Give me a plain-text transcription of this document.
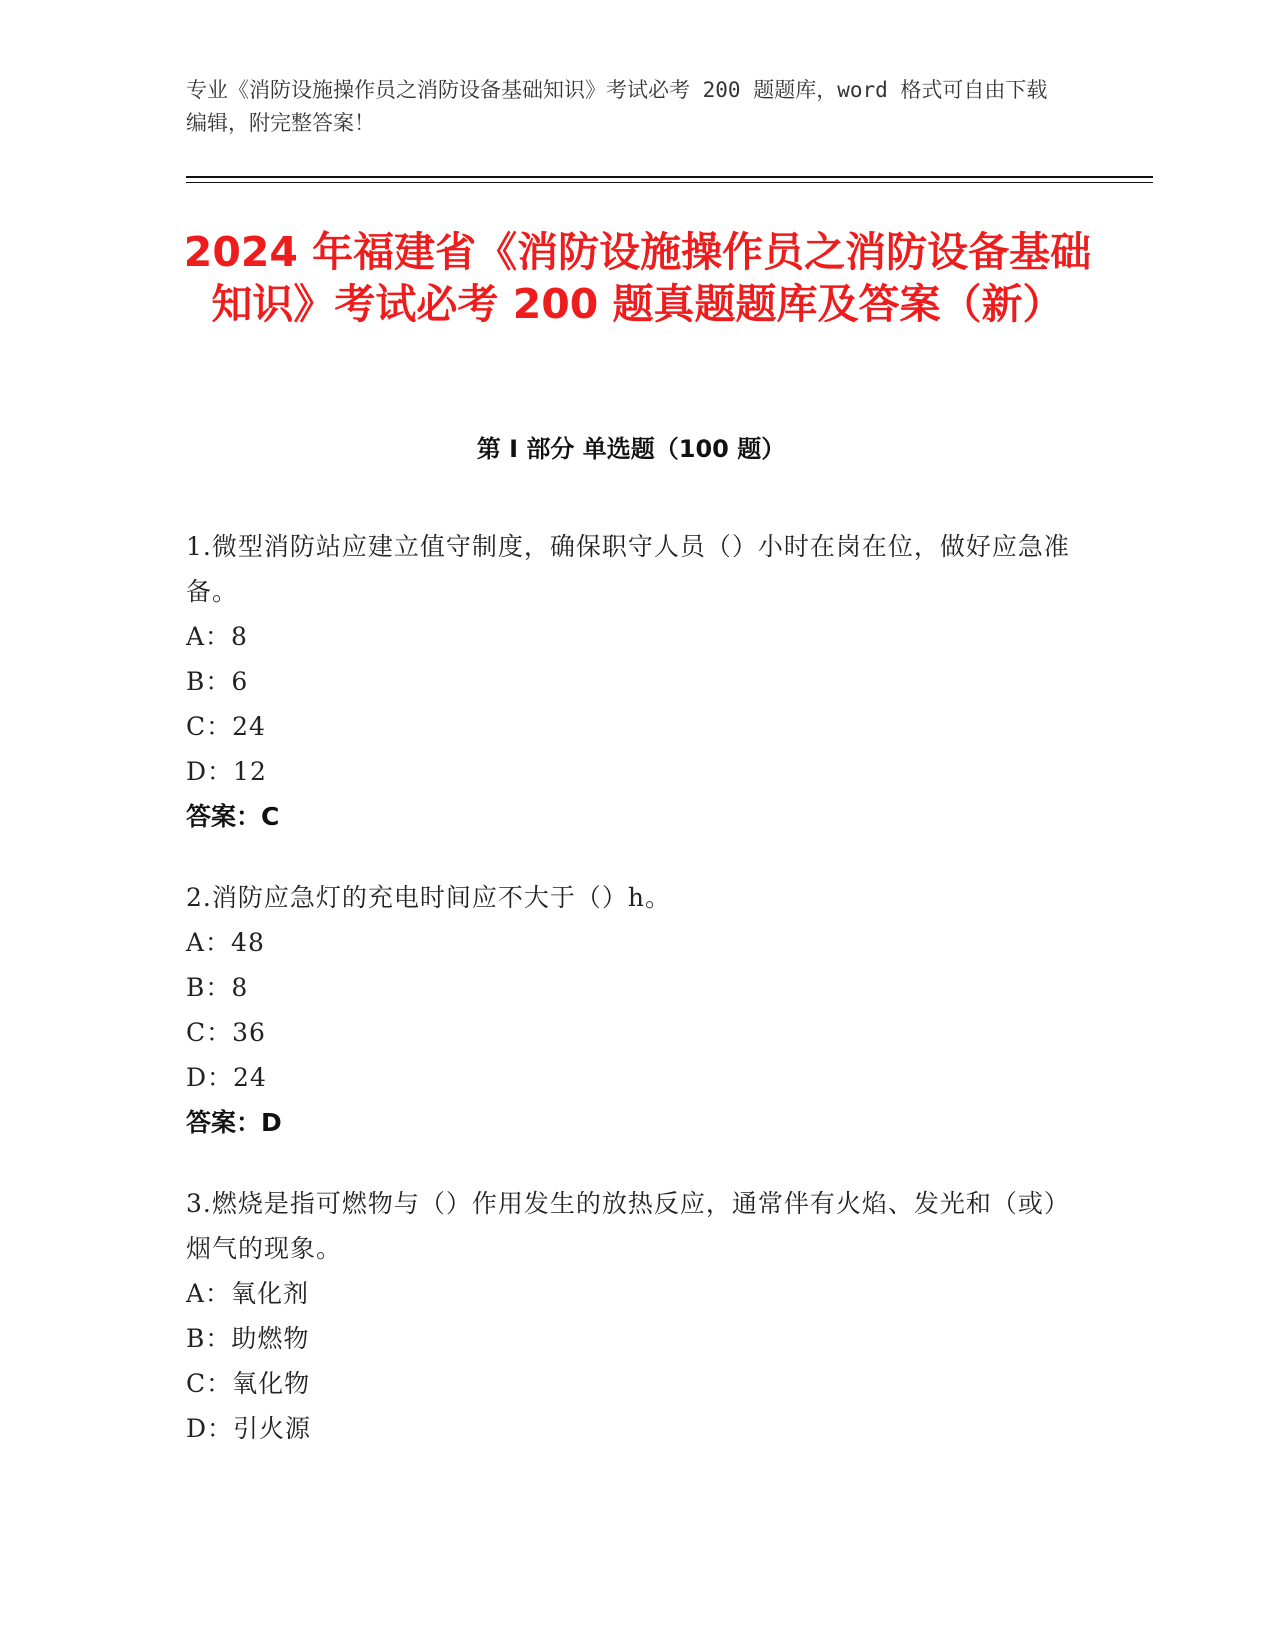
专业《消防设施操作员之消防设备基础知识》考试必考 200 题题库，word 格式可自由下载编辑，附完整答案！
2024 年福建省《消防设施操作员之消防设备基础知识》考试必考 200 题真题题库及答案（新）
第 I 部分 单选题（100 题）
1.微型消防站应建立值守制度，确保职守人员（）小时在岗在位，做好应急准备。
A：8
B：6
C：24
D：12
答案：C
2.消防应急灯的充电时间应不大于（）h。
A：48
B：8
C：36
D：24
答案：D
3.燃烧是指可燃物与（）作用发生的放热反应，通常伴有火焰、发光和（或）烟气的现象。
A：氧化剂
B：助燃物
C：氧化物
D：引火源
